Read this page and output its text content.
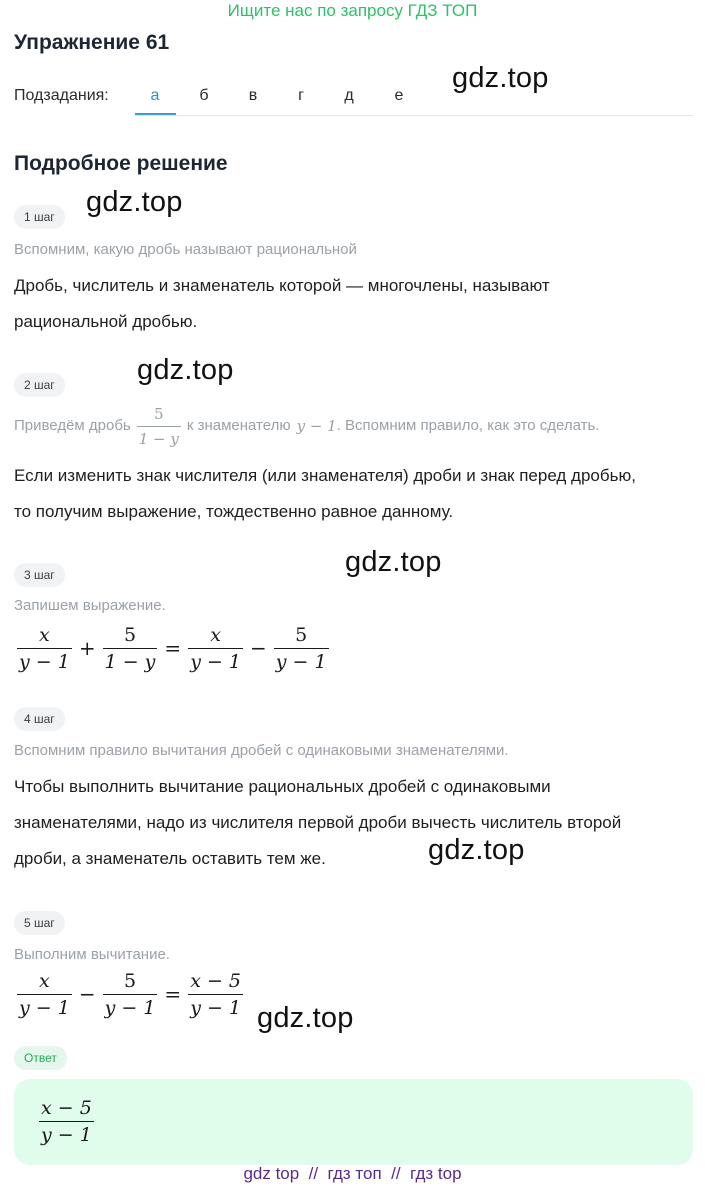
Ищите нас по запросу ГДЗ ТОП
Упражнение 61
Подзадания:	а	б	в	г	д	е
gdz.top
Подробное решение
1 шаг	gdz.top
Вспомним, какую дробь называют рациональной
Дробь, числитель и знаменатель которой — многочлены, называют
рациональной дробью.
gdz.top
2 шаг
Приведём дробь $\frac{5}{1 - y}$ к знаменателю y − 1 . Вспомним правило, как это сделать.
Если изменить знак числителя (или знаменателя) дроби и знак перед дробью,
то получим выражение, тождественно равное данному.
gdz.top
3 шаг
Запишем выражение.
$\frac{x}{y - 1} + \frac{5}{1 - y} = \frac{x}{y - 1} - \frac{5}{y - 1}$
4 шаг
Вспомним правило вычитания дробей с одинаковыми знаменателями.
Чтобы выполнить вычитание рациональных дробей с одинаковыми
знаменателями, надо из числителя первой дроби вычесть числитель второй
дроби, а знаменатель оставить тем же.	gdz.top
5 шаг
Выполним вычитание.
$\frac{x}{y - 1} - \frac{5}{y - 1} = \frac{x - 5}{y - 1} gdz.top$
Ответ
$\frac{x - 5}{y - 1}$
gdz top  //  гдз топ  //  гдз top
